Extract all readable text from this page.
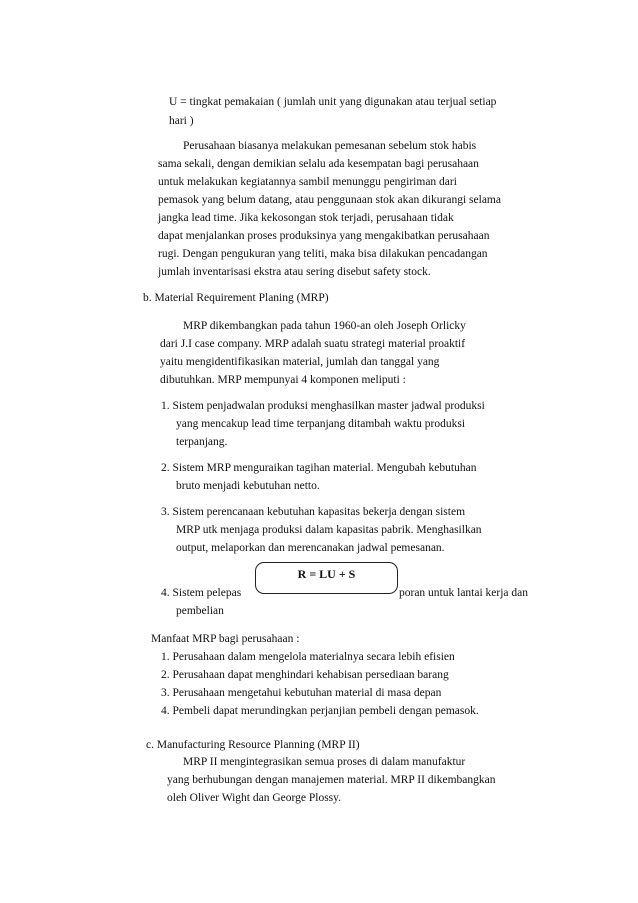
U = tingkat pemakaian ( jumlah unit yang digunakan atau terjual setiap
hari )
Perusahaan biasanya melakukan pemesanan sebelum stok habis
sama sekali, dengan demikian selalu ada kesempatan bagi perusahaan
untuk melakukan kegiatannya sambil menunggu pengiriman dari
pemasok yang belum datang, atau penggunaan stok akan dikurangi selama
jangka lead time. Jika kekosongan stok terjadi, perusahaan tidak
dapat menjalankan proses produksinya yang mengakibatkan perusahaan
rugi. Dengan pengukuran yang teliti, maka bisa dilakukan pencadangan
jumlah inventarisasi ekstra atau sering disebut safety stock.
b. Material Requirement Planing (MRP)
MRP dikembangkan pada tahun 1960-an oleh Joseph Orlicky
dari J.I case company. MRP adalah suatu strategi material proaktif
yaitu mengidentifikasikan material, jumlah dan tanggal yang
dibutuhkan. MRP mempunyai 4 komponen meliputi :
1. Sistem penjadwalan produksi menghasilkan master jadwal produksi
yang mencakup lead time terpanjang ditambah waktu produksi
terpanjang.
2. Sistem MRP menguraikan tagihan material. Mengubah kebutuhan
bruto menjadi kebutuhan netto.
3. Sistem perencanaan kebutuhan kapasitas bekerja dengan sistem
MRP utk menjaga produksi dalam kapasitas pabrik. Menghasilkan
output, melaporkan dan merencanakan jadwal pemesanan.
4. Sistem pelepas	poran untuk lantai kerja dan
pembelian
R = LU + S
Manfaat MRP bagi perusahaan :
1. Perusahaan dalam mengelola materialnya secara lebih efisien
2. Perusahaan dapat menghindari kehabisan persediaan barang
3. Perusahaan mengetahui kebutuhan material di masa depan
4. Pembeli dapat merundingkan perjanjian pembeli dengan pemasok.
c. Manufacturing Resource Planning (MRP II)
MRP II mengintegrasikan semua proses di dalam manufaktur
yang berhubungan dengan manajemen material. MRP II dikembangkan
oleh Oliver Wight dan George Plossy.
